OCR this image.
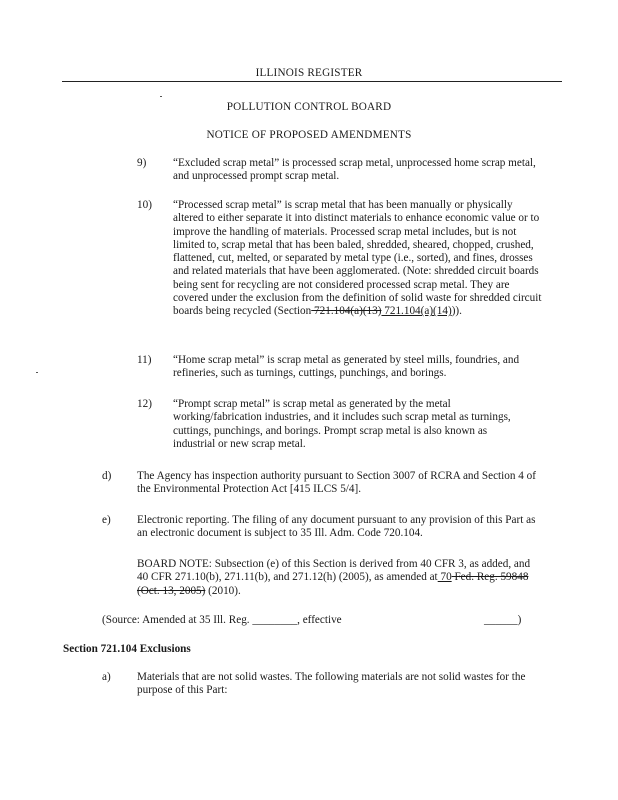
ILLINOIS REGISTER
POLLUTION CONTROL BOARD
NOTICE OF PROPOSED AMENDMENTS
9) “Excluded scrap metal” is processed scrap metal, unprocessed home scrap metal, and unprocessed prompt scrap metal.

10) “Processed scrap metal” is scrap metal that has been manually or physically altered to either separate it into distinct materials to enhance economic value or to improve the handling of materials. Processed scrap metal includes, but is not limited to, scrap metal that has been baled, shredded, sheared, chopped, crushed, flattened, cut, melted, or separated by metal type (i.e., sorted), and fines, drosses and related materials that have been agglomerated. (Note: shredded circuit boards being sent for recycling are not considered processed scrap metal. They are covered under the exclusion from the definition of solid waste for shredded circuit boards being recycled (Section 721.104(a)(13) 721.104(a)(14))).

11) “Home scrap metal” is scrap metal as generated by steel mills, foundries, and refineries, such as turnings, cuttings, punchings, and borings.

12) “Prompt scrap metal” is scrap metal as generated by the metal working/fabrication industries, and it includes such scrap metal as turnings, cuttings, punchings, and borings. Prompt scrap metal is also known as industrial or new scrap metal.

d) The Agency has inspection authority pursuant to Section 3007 of RCRA and Section 4 of the Environmental Protection Act [415 ILCS 5/4].

e) Electronic reporting. The filing of any document pursuant to any provision of this Part as an electronic document is subject to 35 Ill. Adm. Code 720.104.

BOARD NOTE: Subsection (e) of this Section is derived from 40 CFR 3, as added, and 40 CFR 271.10(b), 271.11(b), and 271.12(h) (2005), as amended at 70 Fed. Reg. 59848 (Oct. 13, 2005) (2010).

(Source: Amended at 35 Ill. Reg. ________, effective	______)
Section 721.104 Exclusions
a) Materials that are not solid wastes. The following materials are not solid wastes for the purpose of this Part:
